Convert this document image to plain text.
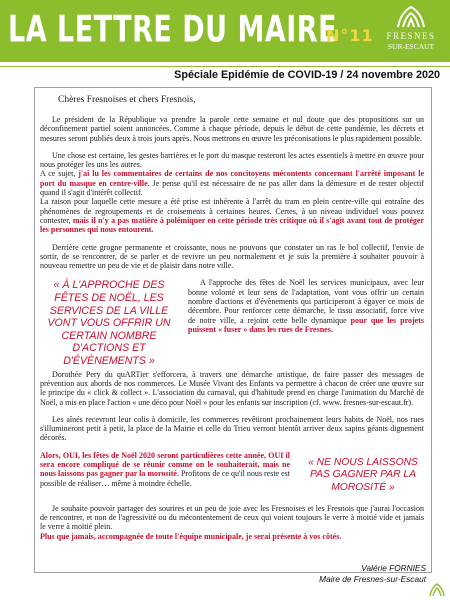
LA LETTRE DU MAIRE
N°11	FRESNES
SUR-ESCAUT
Spéciale Epidémie de COVID-19 / 24 novembre 2020

Chères Fresnoises et chers Fresnois,

Le président de la République va prendre la parole cette semaine et nul doute que des propositions sur un déconfinement partiel soient annoncées. Comme à chaque période, depuis le début de cette pandémie, les décrets et mesures seront publiés deux à trois jours après. Nous mettrons en œuvre les préconisations le plus rapidement possible.

Une chose est certaine, les gestes barrières et le port du masque resteront les actes essentiels à mettre en œuvre pour nous protéger les uns les autres.
A ce sujet, j'ai lu les commentaires de certains de nos concitoyens mécontents concernant l'arrêté imposant le port du masque en centre-ville. Je pense qu'il est nécessaire de ne pas aller dans la démesure et de rester objectif quand il s'agit d'intérêt collectif.
La raison pour laquelle cette mesure a été prise est inhérente à l'arrêt du tram en plein centre-ville qui entraîne des phénomènes de regroupements et de croisements à certaines heures. Certes, à un niveau individuel vous pouvez contester, mais il n'y a pas matière à polémiquer en cette période très critique où il s'agit avant tout de protéger les personnes qui nous entourent.

Derrière cette grogne permanente et croissante, nous ne pouvons que constater un ras le bol collectif, l'envie de sortir, de se rencontrer, de se parler et de revivre un peu normalement et je suis la première à souhaiter pouvoir à nouveau remettre un peu de vie et de plaisir dans notre ville.

« À L'APPROCHE DES FÊTES DE NOËL, LES SERVICES DE LA VILLE VONT VOUS OFFRIR UN CERTAIN NOMBRE D'ACTIONS ET D'ÉVÈNEMENTS »

A l'approche des fêtes de Noël les services municipaux, avec leur bonne volonté et leur sens de l'adaptation, vont vous offrir un certain nombre d'actions et d'évènements qui participeront à égayer ce mois de décembre. Pour renforcer cette démarche, le tissu associatif, force vive de notre ville, a rejoint cette belle dynamique pour que les projets puissent « fuser » dans les rues de Fresnes.

Dorothée Pery du quARTier s'efforcera, à travers une démarche artistique, de faire passer des messages de prévention aux abords de nos commerces. Le Musée Vivant des Enfants va permettre à chacun de créer une œuvre sur le principe du « click & collect ». L'association du carnaval, qui d'habitude prend en charge l'animation du Marché de Noël, a mis en place l'action « une déco pour Noël » pour les enfants sur inscription (cf. www. fresnes-sur-escaut.fr).

Les aînés recevront leur colis à domicile, les commerces revêtiront prochainement leurs habits de Noël, nos rues s'illumineront petit à petit, la place de la Mairie et celle du Trieu verront bientôt arriver deux sapins géants dignement décorés.

Alors, OUI, les fêtes de Noël 2020 seront particulières cette année, OUI il sera encore compliqué de se réunir comme on le souhaiterait, mais ne nous laissons pas gagner par la morosité. Profitons de ce qu'il nous reste est possible de réaliser… même à moindre échelle.

« NE NOUS LAISSONS PAS GAGNER PAR LA MOROSITÉ »

Je souhaite pouvoir partager des sourires et un peu de joie avec les Fresnoises et les Fresnois que j'aurai l'occasion de rencontrer, et non de l'agressivité ou du mécontentement de ceux qui voient toujours le verre à moitié vide et jamais le verre à moitié plein.
Plus que jamais, accompagnée de toute l'équipe municipale, je serai présente à vos côtés.

Valérie FORNIES
Maire de Fresnes-sur-Escaut
